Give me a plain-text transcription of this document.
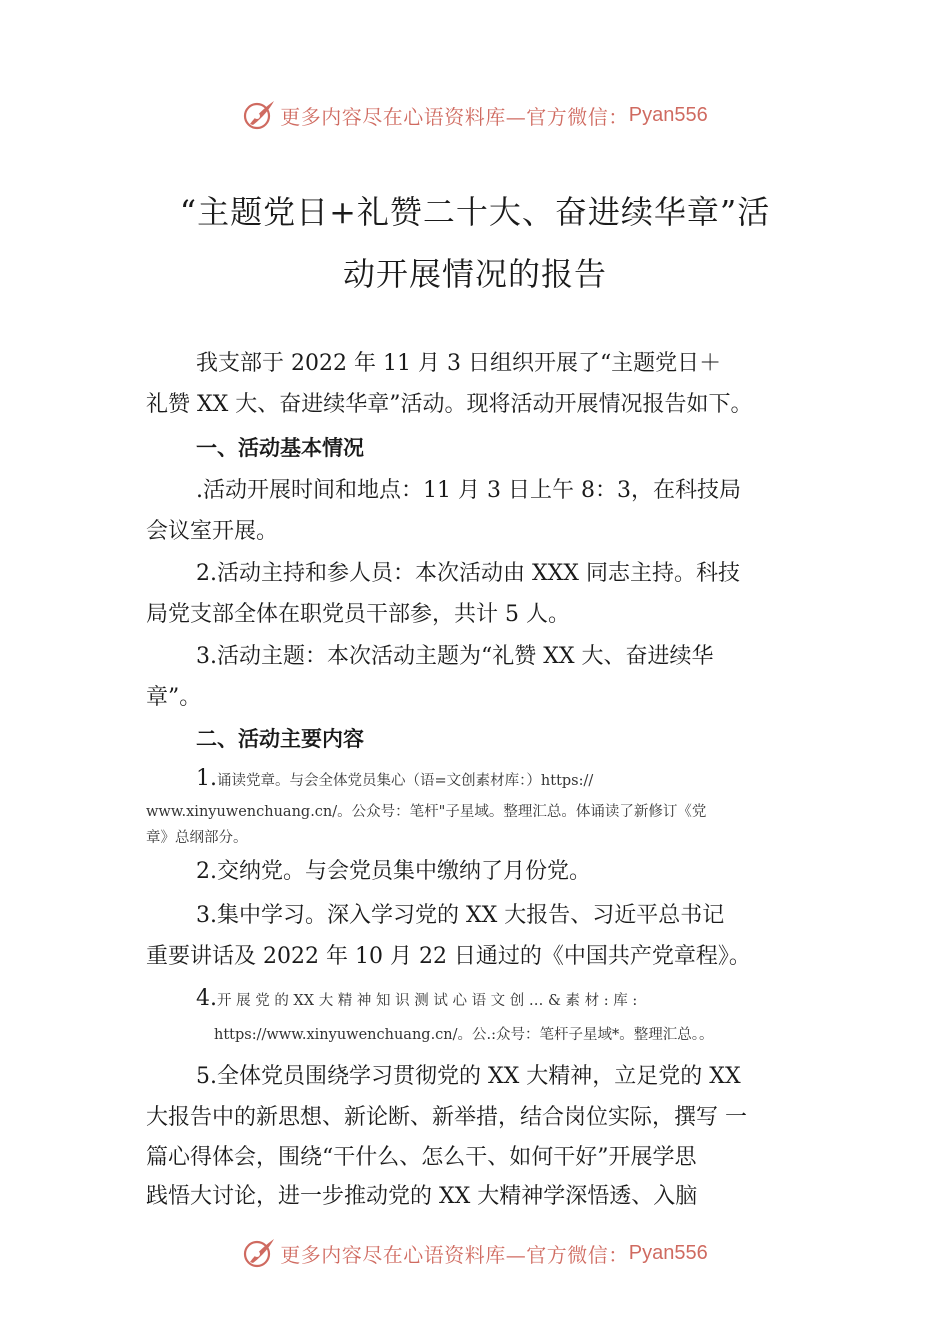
更多内容尽在心语资料库—官方微信： Pyan556
“主题党日+礼赞二十大、奋进续华章”活
动开展情况的报告

我支部于 2022 年 11 月 3 日组织开展了“主题党日＋

礼赞 XX 大、奋进续华章”活动。现将活动开展情况报告如下。

一、活动基本情况

.活动开展时间和地点：11 月 3 日上午 8：3，在科技局

会议室开展。

2.活动主持和参人员：本次活动由 XXX 同志主持。科技

局党支部全体在职党员干部参，共计 5 人。

3.活动主题：本次活动主题为“礼赞 XX 大、奋进续华

章”。

二、活动主要内容

1.诵读党章。与会全体党员集心（语=文创素材库：）https://

www.xinyuwenchuang.cn/。公众号：笔杆"子星域。整理汇总。体诵读了新修订《党

章》总纲部分。

2.交纳党。与会党员集中缴纳了月份党。

3.集中学习。深入学习党的 XX 大报告、习近平总书记

重要讲话及 2022 年 10 月 22 日通过的《中国共产党章程》。

4.开 展 党 的 XX 大 精 神 知 识 测 试 心 语 文 创 … & 素 材 : 库 :

https://www.xinyuwenchuang.cn/。公.:众号：笔杆子星域*。整理汇总。。

5.全体党员围绕学习贯彻党的 XX 大精神，立足党的 XX

大报告中的新思想、新论断、新举措，结合岗位实际，撰写 一

篇心得体会，围绕“干什么、怎么干、如何干好”开展学思

践悟大讨论，进一步推动党的 XX 大精神学深悟透、入脑

更多内容尽在心语资料库—官方微信： Pyan556
